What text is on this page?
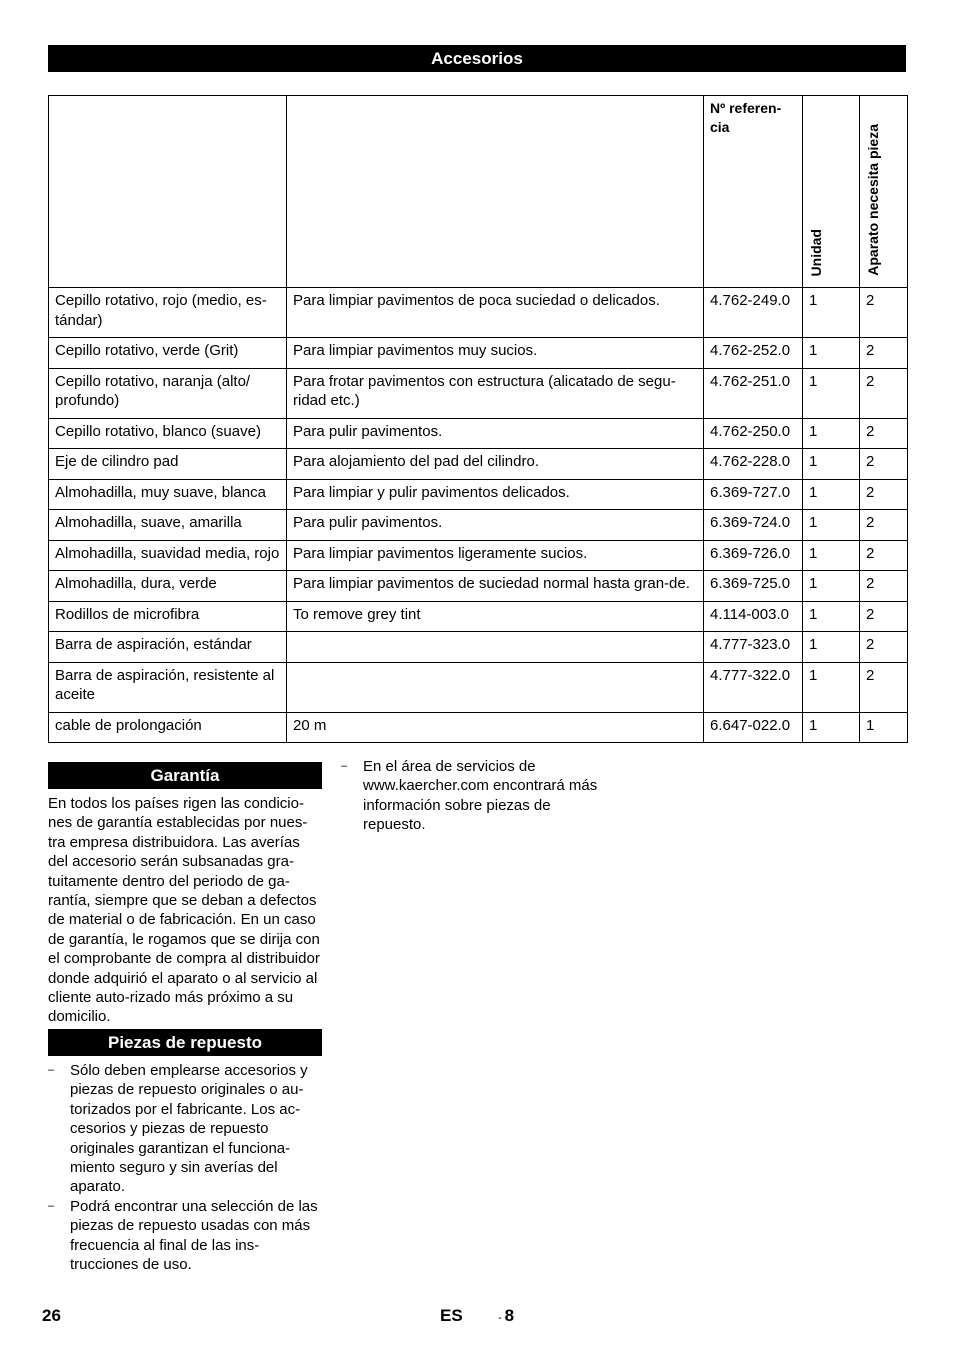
Accesorios
		Nº referen-cia	Unidad	Aparato necesita pieza
Cepillo rotativo, rojo (medio, es-tándar)	Para limpiar pavimentos de poca suciedad o delicados.	4.762-249.0	1	2
Cepillo rotativo, verde (Grit)	Para limpiar pavimentos muy sucios.	4.762-252.0	1	2
Cepillo rotativo, naranja (alto/ profundo)	Para frotar pavimentos con estructura (alicatado de segu-ridad etc.)	4.762-251.0	1	2
Cepillo rotativo, blanco (suave)	Para pulir pavimentos.	4.762-250.0	1	2
Eje de cilindro pad	Para alojamiento del pad del cilindro.	4.762-228.0	1	2
Almohadilla, muy suave, blanca	Para limpiar y pulir pavimentos delicados.	6.369-727.0	1	2
Almohadilla, suave, amarilla	Para pulir pavimentos.	6.369-724.0	1	2
Almohadilla, suavidad media, rojo	Para limpiar pavimentos ligeramente sucios.	6.369-726.0	1	2
Almohadilla, dura, verde	Para limpiar pavimentos de suciedad normal hasta gran-de.	6.369-725.0	1	2
Rodillos de microfibra	To remove grey tint	4.114-003.0	1	2
Barra de aspiración, estándar		4.777-323.0	1	2
Barra de aspiración, resistente al aceite		4.777-322.0	1	2
cable de prolongación	20 m	6.647-022.0	1	1
Garantía
En todos los países rigen las condicio-nes de garantía establecidas por nues-tra empresa distribuidora. Las averías del accesorio serán subsanadas gra-tuitamente dentro del periodo de ga-rantía, siempre que se deban a defectos de material o de fabricación. En un caso de garantía, le rogamos que se dirija con el comprobante de compra al distribuidor donde adquirió el aparato o al servicio al cliente auto-rizado más próximo a su domicilio.
Piezas de repuesto
– Sólo deben emplearse accesorios y piezas de repuesto originales o au-torizados por el fabricante. Los ac-cesorios y piezas de repuesto originales garantizan el funciona-miento seguro y sin averías del aparato.
– Podrá encontrar una selección de las piezas de repuesto usadas con más frecuencia al final de las ins-trucciones de uso.
– En el área de servicios de www.kaercher.com encontrará más información sobre piezas de repuesto.
26	ES	- 8
